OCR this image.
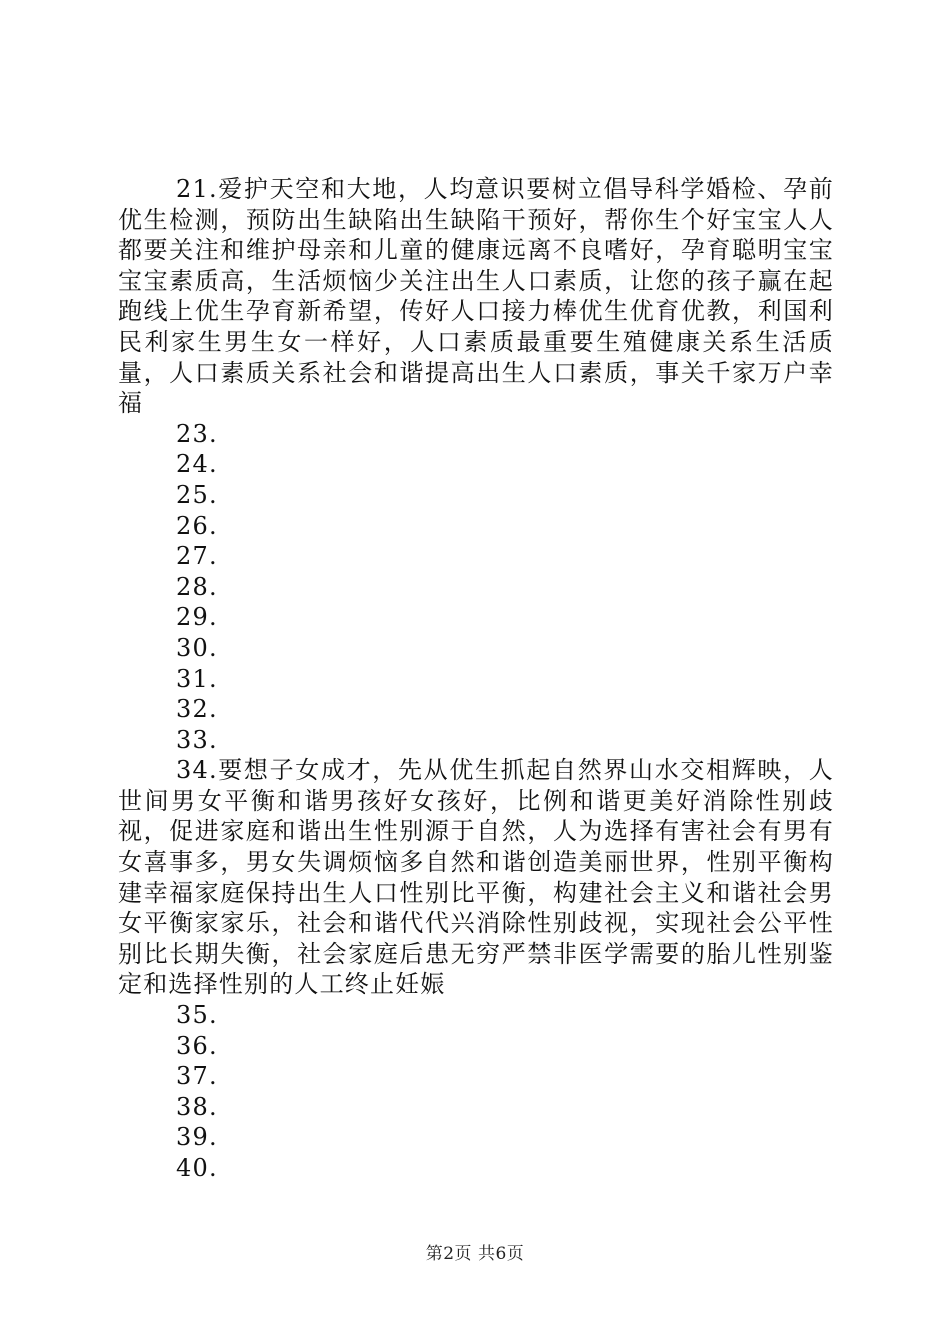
21.爱护天空和大地，人均意识要树立倡导科学婚检、孕前优生检测，预防出生缺陷出生缺陷干预好，帮你生个好宝宝人人都要关注和维护母亲和儿童的健康远离不良嗜好，孕育聪明宝宝宝宝素质高，生活烦恼少关注出生人口素质，让您的孩子赢在起跑线上优生孕育新希望，传好人口接力棒优生优育优教，利国利民利家生男生女一样好，人口素质最重要生殖健康关系生活质量，人口素质关系社会和谐提高出生人口素质，事关千家万户幸福

23.
24.
25.
26.
27.
28.
29.
30.
31.
32.
33.

34.要想子女成才，先从优生抓起自然界山水交相辉映，人世间男女平衡和谐男孩好女孩好，比例和谐更美好消除性别歧视，促进家庭和谐出生性别源于自然，人为选择有害社会有男有女喜事多，男女失调烦恼多自然和谐创造美丽世界，性别平衡构建幸福家庭保持出生人口性别比平衡，构建社会主义和谐社会男女平衡家家乐，社会和谐代代兴消除性别歧视，实现社会公平性别比长期失衡，社会家庭后患无穷严禁非医学需要的胎儿性别鉴定和选择性别的人工终止妊娠

35.
36.
37.
38.
39.
40.
第2页 共6页
